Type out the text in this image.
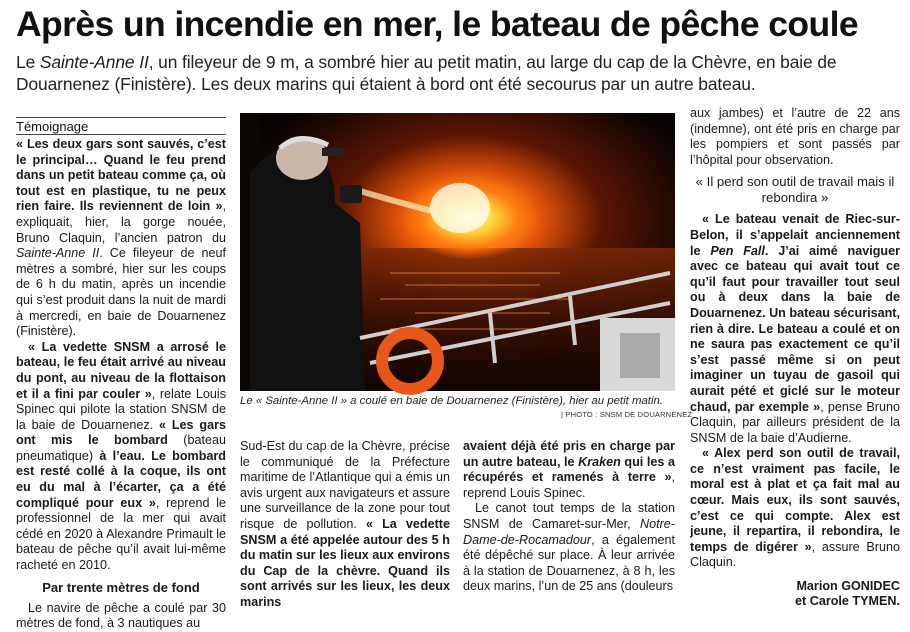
Après un incendie en mer, le bateau de pêche coule

Le Sainte-Anne II, un fileyeur de 9 m, a sombré hier au petit matin, au large du cap de la Chèvre, en baie de Douarnenez (Finistère). Les deux marins qui étaient à bord ont été secourus par un autre bateau.

Témoignage

« Les deux gars sont sauvés, c’est le principal… Quand le feu prend dans un petit bateau comme ça, où tout est en plastique, tu ne peux rien faire. Ils reviennent de loin », expliquait, hier, la gorge nouée, Bruno Claquin, l’ancien patron du Sainte-Anne II. Ce fileyeur de neuf mètres a sombré, hier sur les coups de 6 h du matin, après un incendie qui s’est produit dans la nuit de mardi à mercredi, en baie de Douarnenez (Finistère).

« La vedette SNSM a arrosé le bateau, le feu était arrivé au niveau du pont, au niveau de la flottaison et il a fini par couler », relate Louis Spinec qui pilote la station SNSM de la baie de Douarnenez. « Les gars ont mis le bombard (bateau pneumatique) à l’eau. Le bombard est resté collé à la coque, ils ont eu du mal à l’écarter, ça a été compliqué pour eux », reprend le professionnel de la mer qui avait cédé en 2020 à Alexandre Primault le bateau de pêche qu’il avait lui-même racheté en 2010.

Par trente mètres de fond

Le navire de pêche a coulé par 30 mètres de fond, à 3 nautiques au

Le « Sainte-Anne II » a coulé en baie de Douarnenez (Finistère), hier au petit matin.
| PHOTO : SNSM DE DOUARNENEZ

Sud-Est du cap de la Chèvre, précise le communiqué de la Préfecture maritime de l’Atlantique qui a émis un avis urgent aux navigateurs et assure une surveillance de la zone pour tout risque de pollution. « La vedette SNSM a été appelée autour des 5 h du matin sur les lieux aux environs du Cap de la chèvre. Quand ils sont arrivés sur les lieux, les deux marins

avaient déjà été pris en charge par un autre bateau, le Kraken qui les a récupérés et ramenés à terre », reprend Louis Spinec.

Le canot tout temps de la station SNSM de Camaret-sur-Mer, Notre-Dame-de-Rocamadour, a également été dépêché sur place. À leur arrivée à la station de Douarnenez, à 8 h, les deux marins, l’un de 25 ans (douleurs

aux jambes) et l’autre de 22 ans (indemne), ont été pris en charge par les pompiers et sont passés par l’hôpital pour observation.

« Il perd son outil de travail mais il rebondira »

« Le bateau venait de Riec-sur-Belon, il s’appelait anciennement le Pen Fall. J’ai aimé naviguer avec ce bateau qui avait tout ce qu’il faut pour travailler tout seul ou à deux dans la baie de Douarnenez. Un bateau sécurisant, rien à dire. Le bateau a coulé et on ne saura pas exactement ce qu’il s’est passé même si on peut imaginer un tuyau de gasoil qui aurait pété et giclé sur le moteur chaud, par exemple », pense Bruno Claquin, par ailleurs président de la SNSM de la baie d’Audierne.

« Alex perd son outil de travail, ce n’est vraiment pas facile, le moral est à plat et ça fait mal au cœur. Mais eux, ils sont sauvés, c’est ce qui compte. Alex est jeune, il repartira, il rebondira, le temps de digérer », assure Bruno Claquin.

Marion GONIDEC
et Carole TYMEN.
